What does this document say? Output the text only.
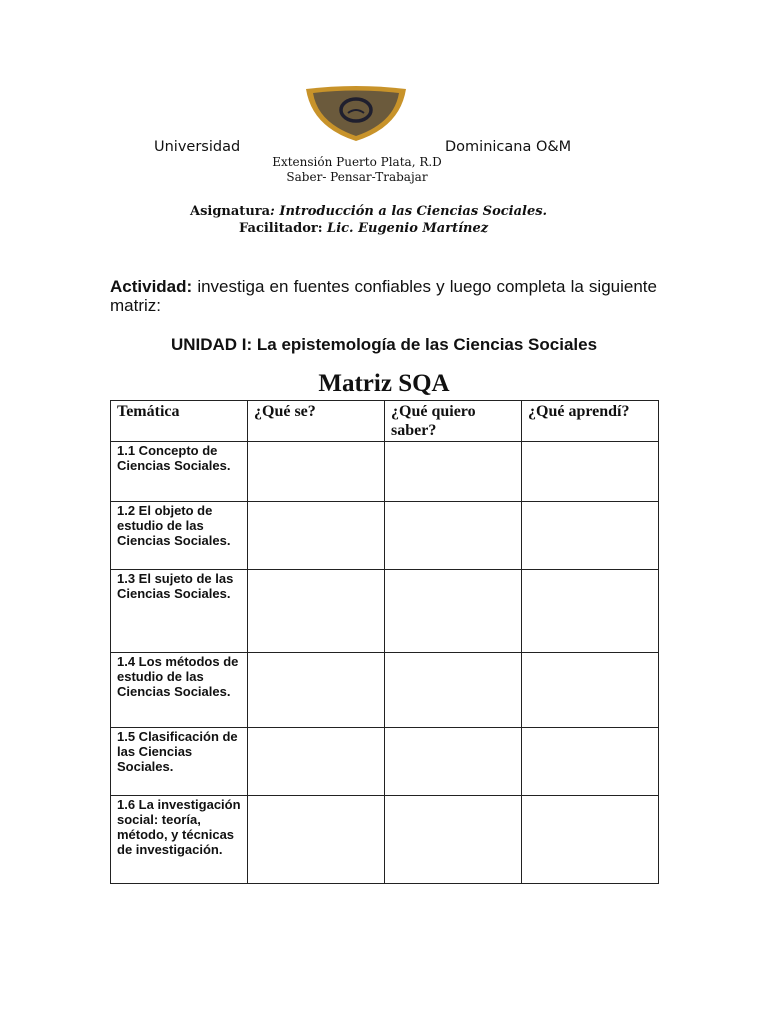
Universidad	Dominicana O&M
Extensión Puerto Plata, R.D
Saber- Pensar-Trabajar
Asignatura: Introducción a las Ciencias Sociales.
Facilitador: Lic. Eugenio Martínez
Actividad: investiga en fuentes confiables y luego completa la siguiente matriz:
UNIDAD I: La epistemología de las Ciencias Sociales
Matriz SQA
Temática	¿Qué se?	¿Qué quiero saber?	¿Qué aprendí?
1.1 Concepto de Ciencias Sociales.			
1.2 El objeto de estudio de las Ciencias Sociales.			
1.3 El sujeto de las Ciencias Sociales.			
1.4 Los métodos de estudio de las Ciencias Sociales.			
1.5 Clasificación de las Ciencias Sociales.			
1.6 La investigación social: teoría, método, y técnicas de investigación.			
